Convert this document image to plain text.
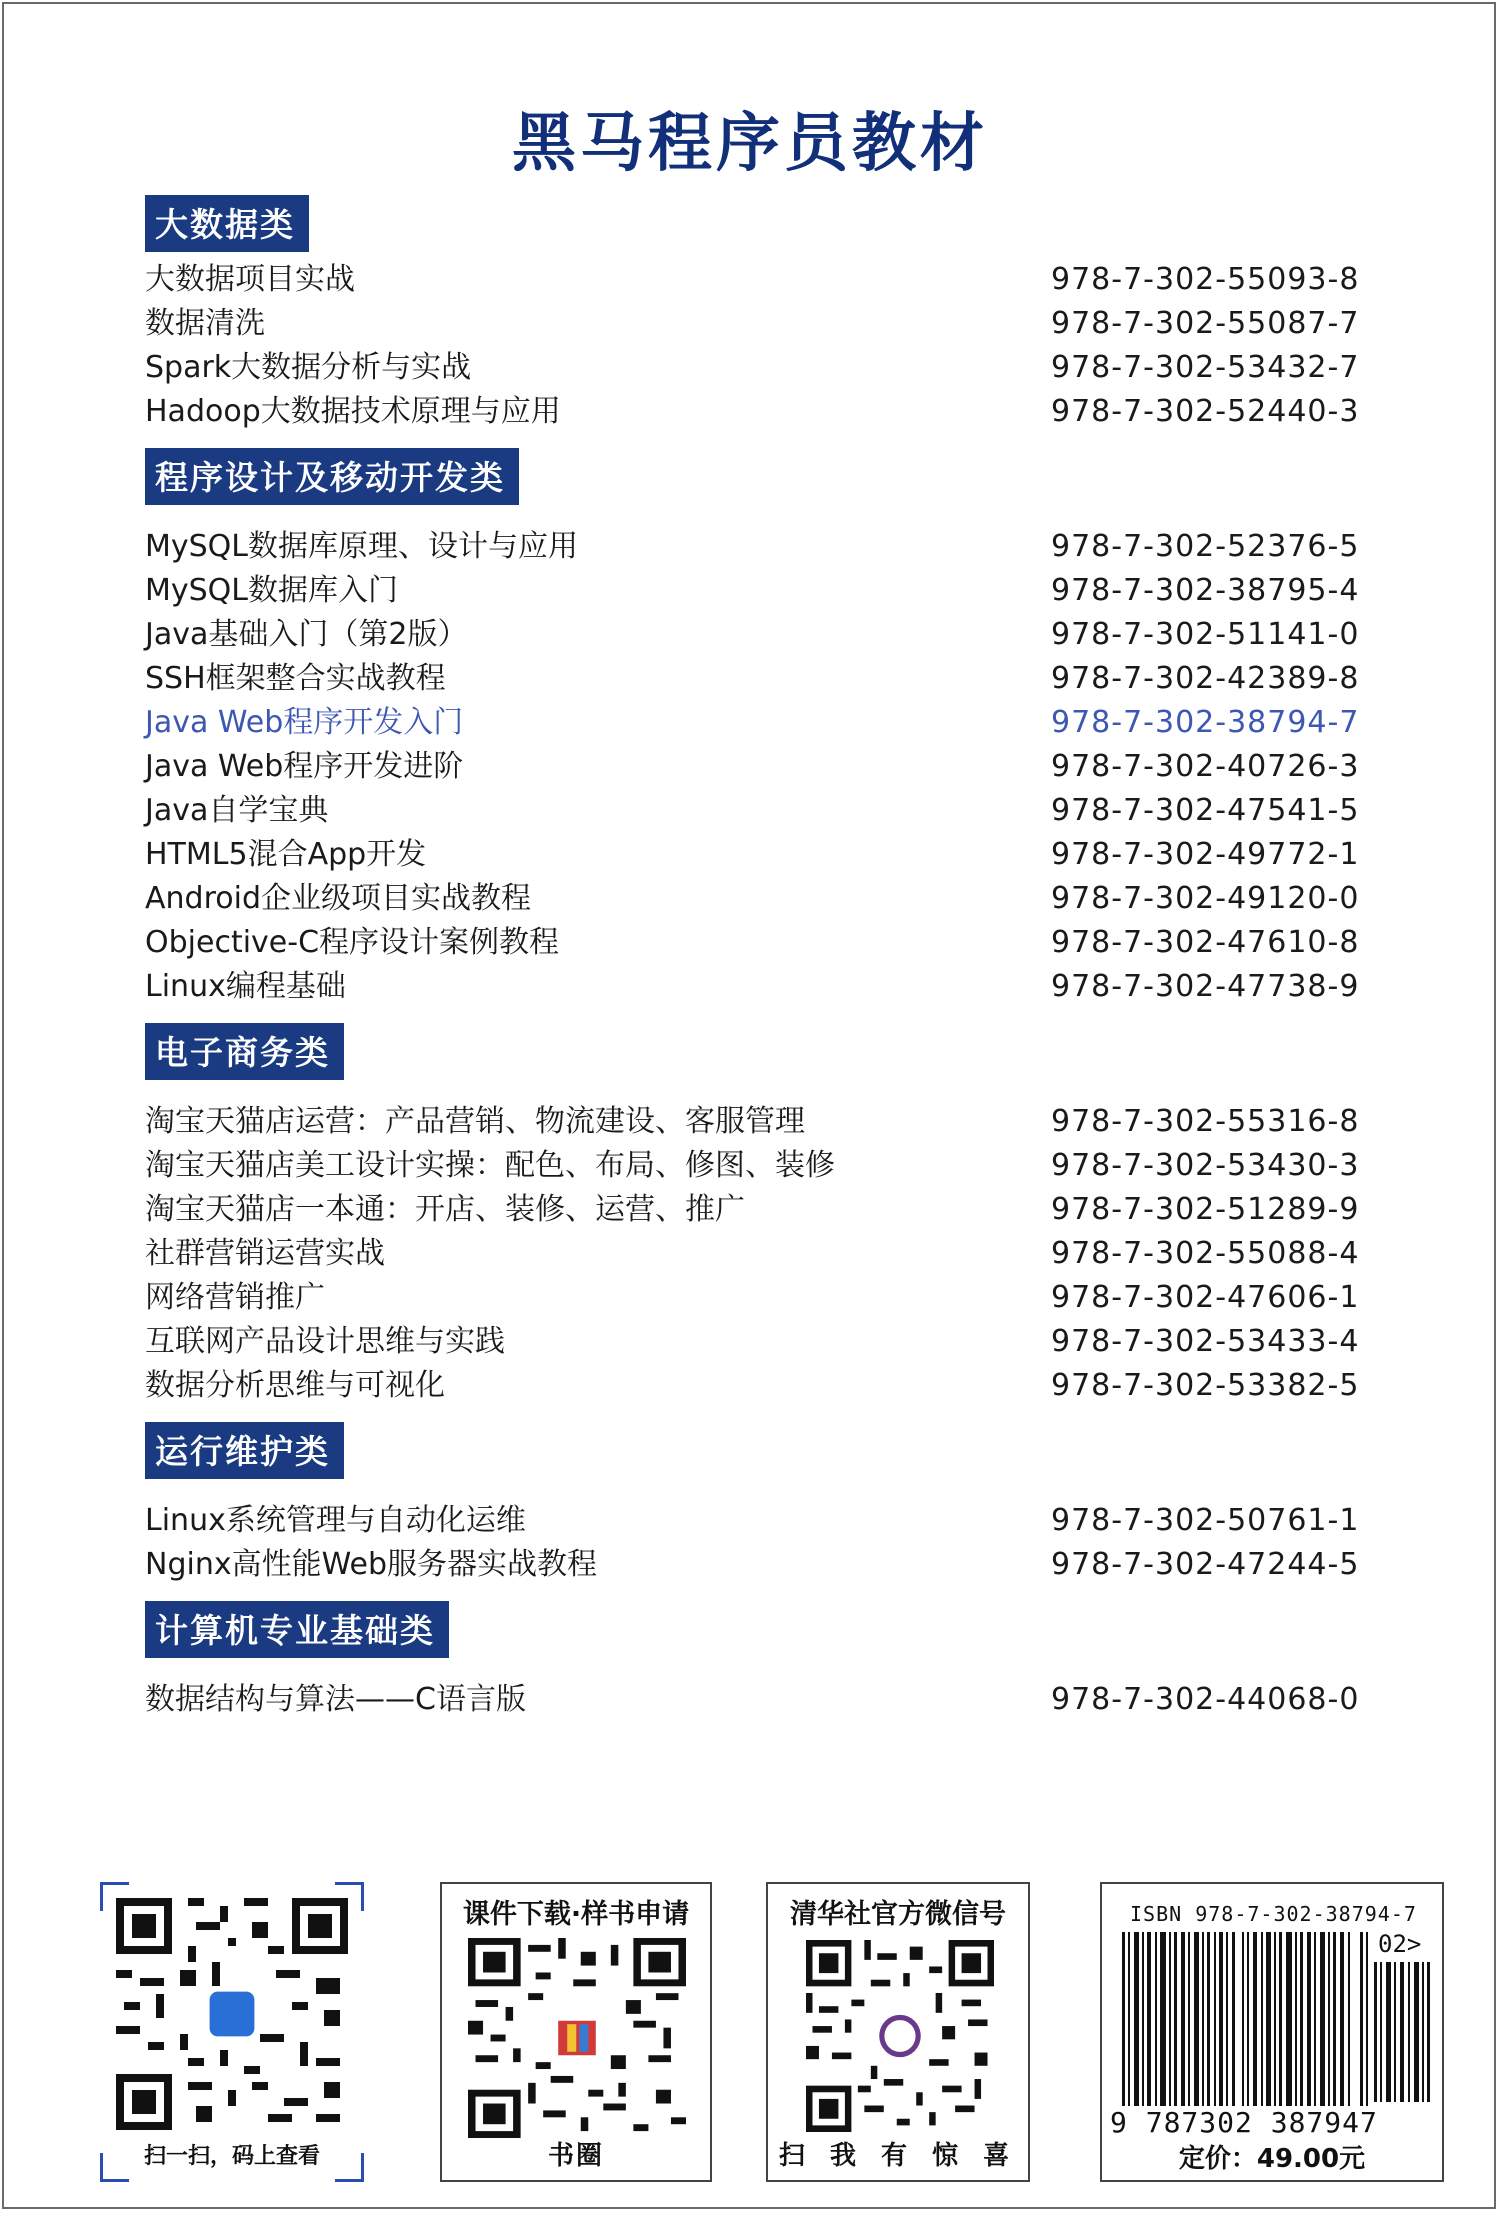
黑马程序员教材
大数据类
大数据项目实战	978-7-302-55093-8
数据清洗	978-7-302-55087-7
Spark大数据分析与实战	978-7-302-53432-7
Hadoop大数据技术原理与应用	978-7-302-52440-3
程序设计及移动开发类
MySQL数据库原理、设计与应用	978-7-302-52376-5
MySQL数据库入门	978-7-302-38795-4
Java基础入门（第2版）	978-7-302-51141-0
SSH框架整合实战教程	978-7-302-42389-8
Java Web程序开发入门	978-7-302-38794-7
Java Web程序开发进阶	978-7-302-40726-3
Java自学宝典	978-7-302-47541-5
HTML5混合App开发	978-7-302-49772-1
Android企业级项目实战教程	978-7-302-49120-0
Objective-C程序设计案例教程	978-7-302-47610-8
Linux编程基础	978-7-302-47738-9
电子商务类
淘宝天猫店运营：产品营销、物流建设、客服管理	978-7-302-55316-8
淘宝天猫店美工设计实操：配色、布局、修图、装修	978-7-302-53430-3
淘宝天猫店一本通：开店、装修、运营、推广	978-7-302-51289-9
社群营销运营实战	978-7-302-55088-4
网络营销推广	978-7-302-47606-1
互联网产品设计思维与实践	978-7-302-53433-4
数据分析思维与可视化	978-7-302-53382-5
运行维护类
Linux系统管理与自动化运维	978-7-302-50761-1
Nginx高性能Web服务器实战教程	978-7-302-47244-5
计算机专业基础类
数据结构与算法——C语言版	978-7-302-44068-0
扫一扫，码上查看
课件下载·样书申请
书圈
清华社官方微信号
扫 我 有 惊 喜
ISBN 978-7-302-38794-7
02>
9 787302 387947
定价：49.00元
